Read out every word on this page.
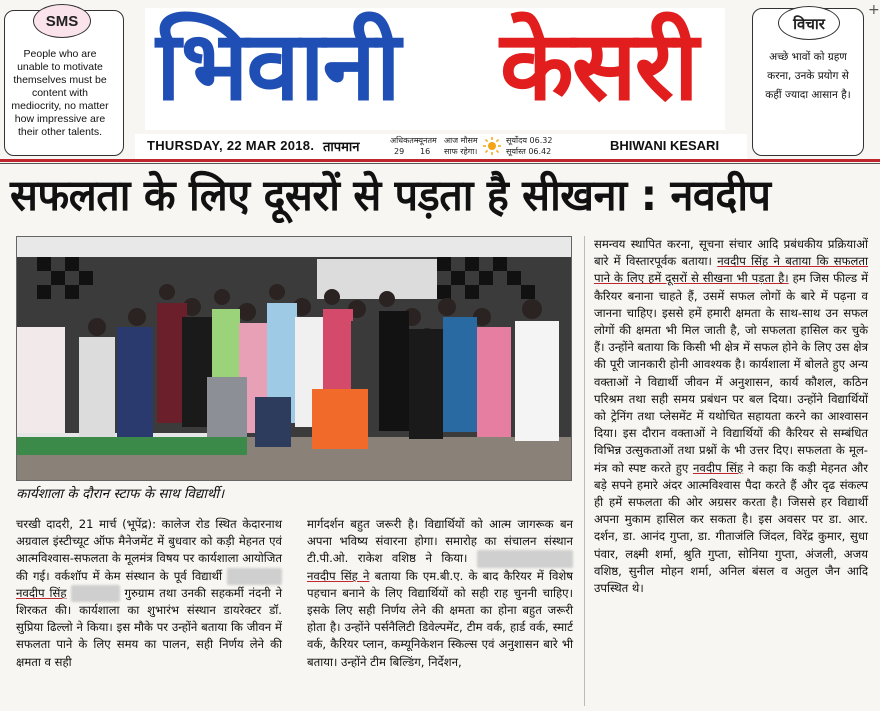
SMS
People who are unable to motivate themselves must be content with mediocrity, no matter how impressive are their other talents.
भिवानी केसरी	विचार
अच्छे भावों को ग्रहण करना, उनके प्रयोग से कहीं ज्यादा आसान है।
+
THURSDAY, 22 MAR 2018. तापमान	अधिकतम
29
न्यूनतम
16
आज मौसम
साफ रहेगा।
सूर्योदय 06.32
सूर्यास्त 06.42	BHIWANI KESARI
सफलता के लिए दूसरों से पड़ता है सीखना : नवदीप
कार्यशाला के दौरान स्टाफ के साथ विद्यार्थी।

समन्वय स्थापित करना, सूचना संचार आदि प्रबंधकीय प्रक्रियाओं बारे में विस्तारपूर्वक बताया। नवदीप सिंह ने बताया कि सफलता पाने के लिए हमें दूसरों से सीखना भी पड़ता है। हम जिस फील्ड में कैरियर बनाना चाहते हैं, उसमें सफल लोगों के बारे में पढ़ना व जानना चाहिए। इससे हमें हमारी क्षमता के साथ-साथ उन सफल लोगों की क्षमता भी मिल जाती है, जो सफलता हासिल कर चुके हैं। उन्होंने बताया कि किसी भी क्षेत्र में सफल होने के लिए उस क्षेत्र की पूरी जानकारी होनी आवश्यक है। कार्यशाला में बोलते हुए अन्य वक्ताओं ने विद्यार्थी जीवन में अनुशासन, कार्य कौशल, कठिन परिश्रम तथा सही समय प्रबंधन पर बल दिया। उन्होंने विद्यार्थियों को ट्रेनिंग तथा प्लेसमेंट में यथोचित सहायता करने का आश्वासन दिया। इस दौरान वक्ताओं ने विद्यार्थियों की कैरियर से सम्बंधित विभिन्न उत्सुकताओं तथा प्रश्नों के भी उत्तर दिए। सफलता के मूल-मंत्र को स्पष्ट करते हुए नवदीप सिंह ने कहा कि कड़ी मेहनत और बड़े सपने हमारे अंदर आत्मविश्वास पैदा करते हैं और दृढ संकल्प ही हमें सफलता की ओर अग्रसर करता है। जिससे हर विद्यार्थी अपना मुकाम हासिल कर सकता है। इस अवसर पर डा. आर. दर्शन, डा. आनंद गुप्ता, डा. गीताजंलि जिंदल, विरेंद्र कुमार, सुधा पंवार, लक्ष्मी शर्मा, श्रुति गुप्ता, सोनिया गुप्ता, अंजली, अजय वशिष्ठ, सुनील मोहन शर्मा, अनिल बंसल व अतुल जैन आदि उपस्थित थे।

चरखी दादरी, 21 मार्च (भूपेंद्र): कालेज रोड स्थित केदारनाथ अग्रवाल इंस्टीच्यूट ऑफ मैनेजमेंट में बुधवार को कड़ी मेहनत एवं आत्मविश्वास-सफलता के मूलमंत्र विषय पर कार्यशाला आयोजित की गई। वर्कशॉप में केम संस्थान के पूर्व विद्यार्थी  नवदीप सिंह	गुरुग्राम तथा उनकी सहकर्मी नंदनी ने शिरकत की। कार्यशाला का शुभारंभ संस्थान डायरेक्टर डॉ. सुप्रिया ढिल्लो ने किया। इस मौके पर उन्होंने बताया कि जीवन में सफलता पाने के लिए समय का पालन, सही निर्णय लेने की क्षमता व सही

मार्गदर्शन बहुत जरूरी है। विद्यार्थियों को आत्म जागरूक बन अपना भविष्य संवारना होगा। समारोह का संचालन संस्थान टी.पी.ओ. राकेश वशिष्ठ ने किया।  नवदीप सिंह ने बताया कि एम.बी.ए. के बाद कैरियर में विशेष पहचान बनाने के लिए विद्यार्थियों को सही राह चुननी चाहिए। इसके लिए सही निर्णय लेने की क्षमता का होना बहुत जरूरी होता है। उन्होंने पर्सनैलिटी डिवेल्पमेंट, टीम वर्क, हार्ड वर्क, स्मार्ट वर्क, कैरियर प्लान, कम्यूनिकेशन स्किल्स एवं अनुशासन बारे भी बताया। उन्होंने टीम बिल्डिंग, निर्देशन,
